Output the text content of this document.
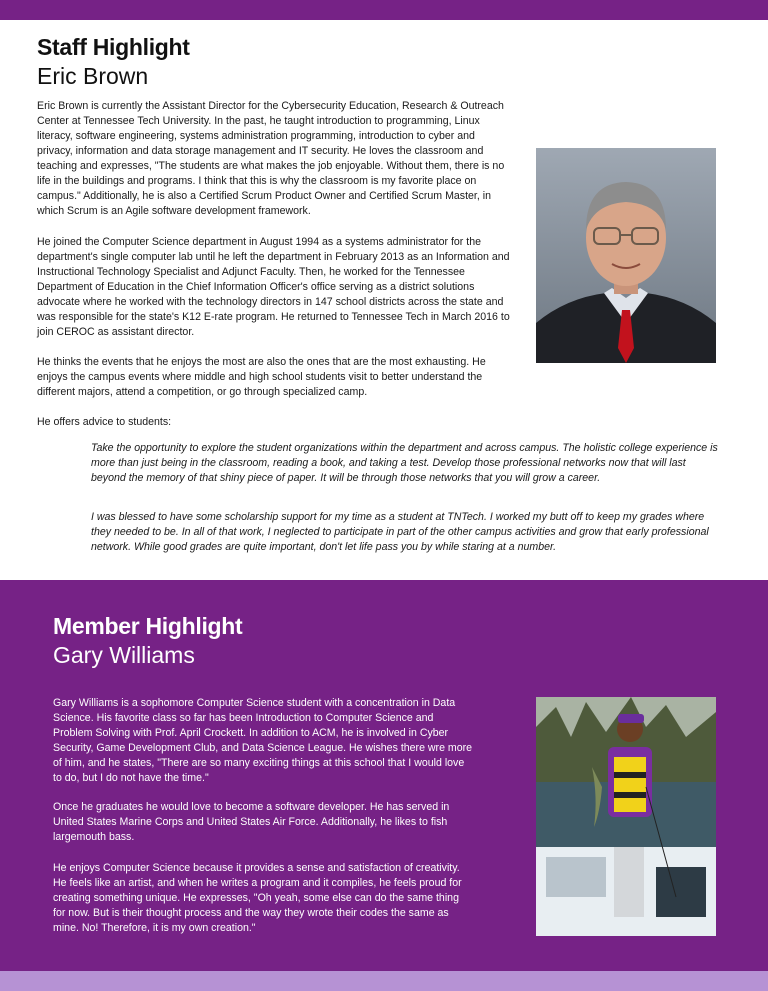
Staff Highlight
Eric Brown

Eric Brown is currently the Assistant Director for the Cybersecurity Education, Research & Outreach Center at Tennessee Tech University. In the past, he taught introduction to programming, Linux literacy, software engineering, systems administration programming, introduction to cyber and privacy, information and data storage management and IT security. He loves the classroom and teaching and expresses, "The students are what makes the job enjoyable. Without them, there is no life in the buildings and programs. I think that this is why the classroom is my favorite place on campus." Additionally, he is also a Certified Scrum Product Owner and Certified Scrum Master, in which Scrum is an Agile software development framework.

He joined the Computer Science department in August 1994 as a systems administrator for the department's single computer lab until he left the department in February 2013 as an Information and Instructional Technology Specialist and Adjunct Faculty. Then, he worked for the Tennessee Department of Education in the Chief Information Officer's office serving as a district solutions advocate where he worked with the technology directors in 147 school districts across the state and was responsible for the state's K12 E-rate program. He returned to Tennessee Tech in March 2016 to join CEROC as assistant director.

He thinks the events that he enjoys the most are also the ones that are the most exhausting. He enjoys the campus events where middle and high school students visit to better understand the different majors, attend a competition, or go through specialized camp.

He offers advice to students:

Take the opportunity to explore the student organizations within the department and across campus. The holistic college experience is more than just being in the classroom, reading a book, and taking a test. Develop those professional networks now that will last beyond the memory of that shiny piece of paper. It will be through those networks that you will grow a career.

I was blessed to have some scholarship support for my time as a student at TNTech. I worked my butt off to keep my grades where they needed to be. In all of that work, I neglected to participate in part of the other campus activities and grow that early professional network. While good grades are quite important, don't let life pass you by while staring at a number.

Member Highlight
Gary Williams

Gary Williams is a sophomore Computer Science student with a concentration in Data Science. His favorite class so far has been Introduction to Computer Science and Problem Solving with Prof. April Crockett. In addition to ACM, he is involved in Cyber Security, Game Development Club, and Data Science League. He wishes there wre more of him, and he states, "There are so many exciting things at this school that I would love to do, but I do not have the time."

Once he graduates he would love to become a software developer. He has served in United States Marine Corps and United States Air Force. Additionally, he likes to fish largemouth bass.

He enjoys Computer Science because it provides a sense and satisfaction of creativity. He feels like an artist, and when he writes a program and it compiles, he feels proud for creating something unique. He expresses, "Oh yeah, some else can do the same thing for now. But is their thought process and the way they wrote their codes the same as mine. No! Therefore, it is my own creation."
